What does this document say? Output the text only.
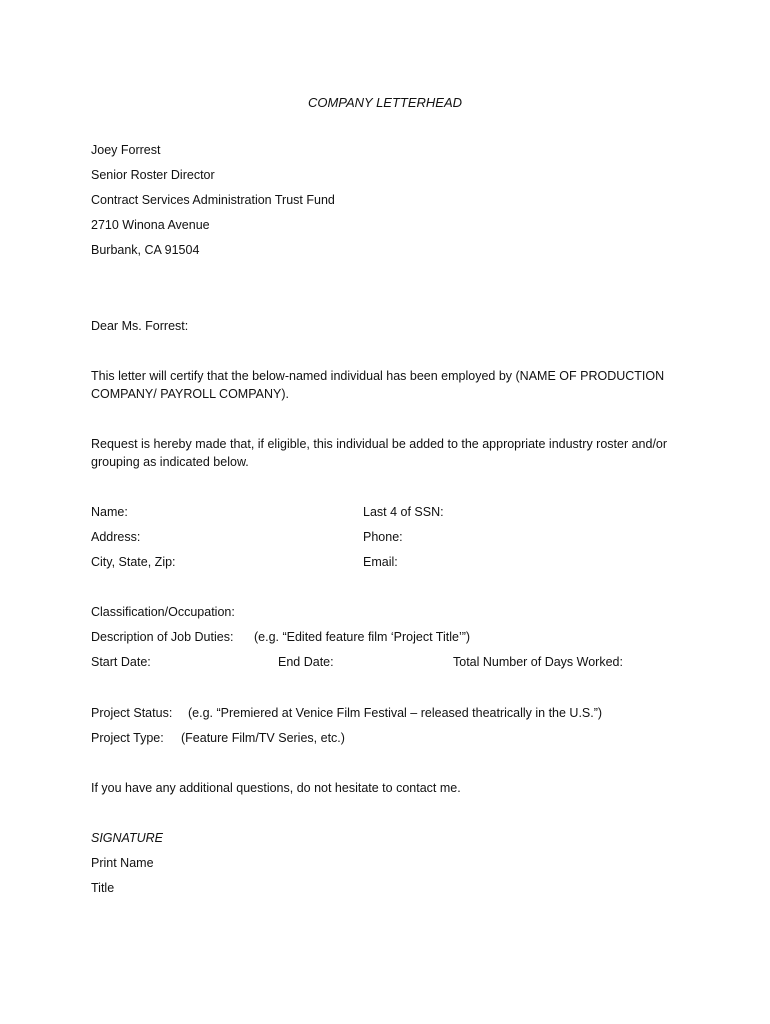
COMPANY LETTERHEAD
Joey Forrest
Senior Roster Director
Contract Services Administration Trust Fund
2710 Winona Avenue
Burbank, CA 91504
Dear Ms. Forrest:
This letter will certify that the below-named individual has been employed by (NAME OF PRODUCTION COMPANY/ PAYROLL COMPANY).
Request is hereby made that, if eligible, this individual be added to the appropriate industry roster and/or grouping as indicated below.
Name:	Last 4 of SSN:
Address:	Phone:
City, State, Zip:	Email:
Classification/Occupation:
Description of Job Duties: (e.g. “Edited feature film ‘Project Title’”)
Start Date:	End Date:	Total Number of Days Worked:
Project Status: (e.g. “Premiered at Venice Film Festival – released theatrically in the U.S.”)
Project Type: (Feature Film/TV Series, etc.)
If you have any additional questions, do not hesitate to contact me.
SIGNATURE
Print Name
Title
